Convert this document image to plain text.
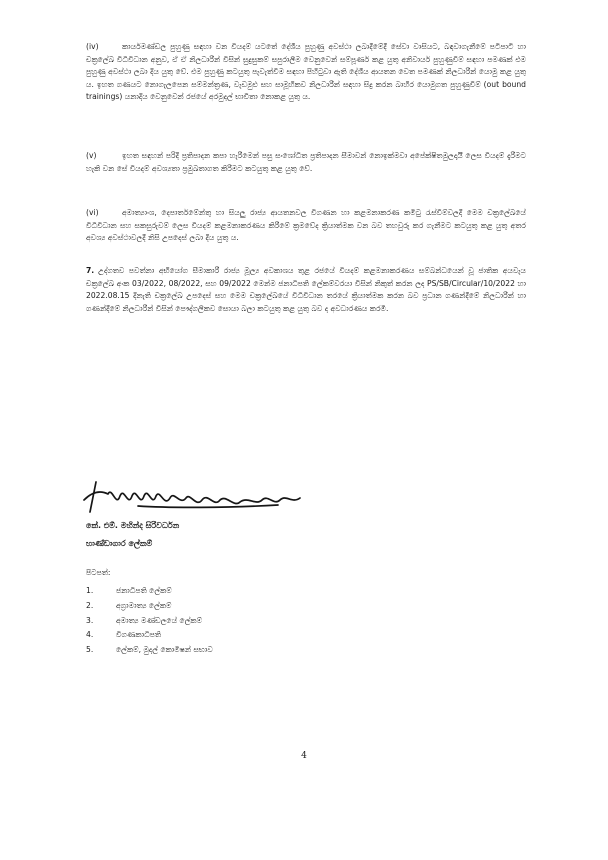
(iv)	කාර්යමණ්ඩල පුහුණු සඳහා වන වියදම් යටතේ දේශීය පුහුණු අවස්ථා ලබාදීමේදී සේවා වාසියට, බඳවාගැනීමේ පටිපාටි හා චක්‍රලේඛ විධිවිධාන අනුව, ඒ ඒ නිලධාරීන් විසින් සුදුසුකම් සපුරාලීම වෙනුවෙන් සම්පූර්ණ කළ යුතු අනිවාර්ය පුහුණුවීම් සඳහා පමණක් එම පුහුණු අවස්ථා ලබා දිය යුතු වේ. එම පුහුණු කටයුතු පැවැත්වීම සඳහා පිහිටුවා ඇති දේශීය ආයතන වෙත පමණක් නිලධාරීන් යොමු කළ යුතු ය. ඉහත ගණයට නොගැලපෙන සම්මන්ත්‍රණ, වැඩමුළු සහ සාමූහිකව නිලධාරීන් සඳහා සිදු කරන බාහිර යොමුගත පුහුණුවීම් (out bound trainings) යනාදිය වෙනුවෙන් රජයේ අරමුදල් භාවිතා නොකළ යුතු ය.

(v)	ඉහත සඳහන් පරිදි ප්‍රතිපාදන කපා හැරීමෙන් පසු සංශෝධිත ප්‍රතිපාදන සීමාවන් නොඉක්මවා අපේක්ෂිතමුලදායී ලෙස වියදම් දැරීමට හැකි වන සේ වියදම් අවශ්‍යතා ප්‍රමුඛතාගත කිරීමට කටයුතු කළ යුතු වේ.

(vi)	අමාත්‍යාංශ, දෙපාර්තමේන්තු හා සියලු රාජ්‍ය ආයතනවල විගණන හා කළමනාකරණ කමිටු රැස්වීම්වලදී මෙම චක්‍රලේඛයේ විධිවිධාන සහ සකසුරුවම් ලෙස වියදම් කළමනාකරණය කිරීමේ ක්‍රමවේද ක්‍රියාත්මක වන බව තහවුරු කර ගැනීමට කටයුතු කළ යුතු අතර අවශ්‍ය අවස්ථාවලදී නිසි උපදෙස් ලබා දිය යුතු ය.

7. උද්ගතව පවත්නා අභියෝග සීමාකාරී රාජ්‍ය මූල්‍ය අවකාශය තුළ රජයේ වියදම් කළමනාකරණය සම්බන්ධයෙන් වූ ජාතික අයවැය චක්‍රලේඛ අංක 03/2022, 08/2022, සහ 09/2022 මෙන්ම ජනාධිපති ලේකම්වරයා විසින් නිකුත් කරන ලද PS/SB/Circular/10/2022 හා 2022.08.15 දිනැති චක්‍රලේඛ උපදෙස් සහ මෙම චක්‍රලේඛයේ විධිවිධාන තරයේ ක්‍රියාත්මක කරන බව ප්‍රධාන ගණන්දීමේ නිලධාරීන් හා ගණන්දීමේ නිලධාරීන් විසින් පෞද්ගලිකව සොයා බලා කටයුතු කළ යුතු බව ද අවධාරණය කරමි.

කේ. එම්. මහින්ද සිරිවර්ධන

භාණ්ඩාගාර ලේකම්

පිටපත්:

1.	ජනාධිපති ලේකම්
2.	අග්‍රාමාත්‍ය ලේකම්
3.	අමාත්‍ය මණ්ඩලයේ ලේකම්
4.	විගණකාධිපති
5.	ලේකම්, මුදල් කොමිෂන් සභාව

4
